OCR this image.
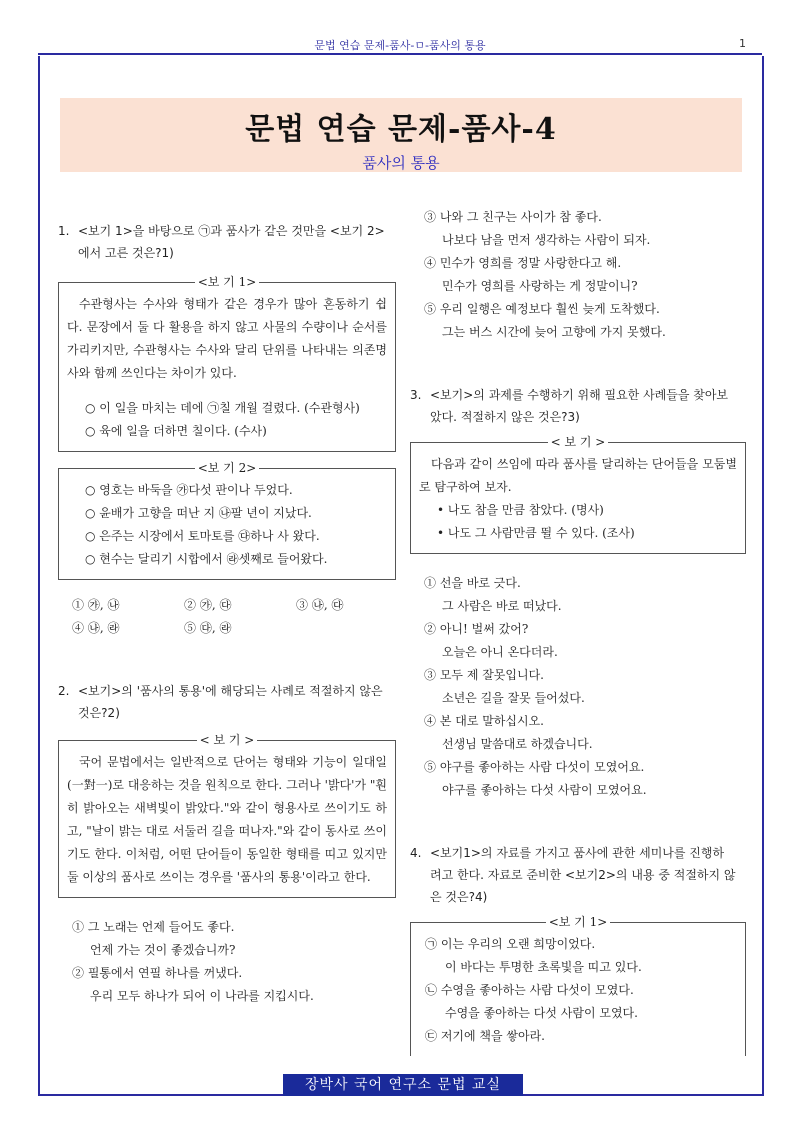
문법 연습 문제-품사-ㅁ-품사의 통용	1
문법 연습 문제-품사-4
품사의 통용
1. <보기 1>을 바탕으로 ㉠과 품사가 같은 것만을 <보기 2>
에서 고른 것은?1)
<보 기 1>

수관형사는 수사와 형태가 같은 경우가 많아 혼동하기 쉽다. 문장에서 둘 다 활용을 하지 않고 사물의 수량이나 순서를 가리키지만, 수관형사는 수사와 달리 단위를 나타내는 의존명사와 함께 쓰인다는 차이가 있다.

○ 이 일을 마치는 데에 ㉠칠 개월 걸렸다. (수관형사)
○ 육에 일을 더하면 칠이다. (수사)
<보 기 2>
○ 영호는 바둑을 ㉮다섯 판이나 두었다.
○ 윤배가 고향을 떠난 지 ㉯팔 년이 지났다.
○ 은주는 시장에서 토마토를 ㉰하나 사 왔다.
○ 현수는 달리기 시합에서 ㉱셋째로 들어왔다.
① ㉮, ㉯	② ㉮, ㉰	③ ㉯, ㉰
④ ㉯, ㉱	⑤ ㉰, ㉱
2. <보기>의 '품사의 통용'에 해당되는 사례로 적절하지 않은
것은?2)
< 보 기 >

국어 문법에서는 일반적으로 단어는 형태와 기능이 일대일(一對一)로 대응하는 것을 원칙으로 한다. 그러나 '밝다'가 "훤히 밝아오는 새벽빛이 밝았다."와 같이 형용사로 쓰이기도 하고, "날이 밝는 대로 서둘러 길을 떠나자."와 같이 동사로 쓰이기도 한다. 이처럼, 어떤 단어들이 동일한 형태를 띠고 있지만 둘 이상의 품사로 쓰이는 경우를 '품사의 통용'이라고 한다.

① 그 노래는 언제 들어도 좋다.
언제 가는 것이 좋겠습니까?
② 필통에서 연필 하나를 꺼냈다.
우리 모두 하나가 되어 이 나라를 지킵시다.
③ 나와 그 친구는 사이가 참 좋다.
나보다 남을 먼저 생각하는 사람이 되자.
④ 민수가 영희를 정말 사랑한다고 해.
민수가 영희를 사랑하는 게 정말이니?
⑤ 우리 일행은 예정보다 훨씬 늦게 도착했다.
그는 버스 시간에 늦어 고향에 가지 못했다.
3. <보기>의 과제를 수행하기 위해 필요한 사례들을 찾아보
았다. 적절하지 않은 것은?3)
< 보 기 >

다음과 같이 쓰임에 따라 품사를 달리하는 단어들을 모둠별로 탐구하여 보자.

• 나도 참을 만큼 참았다. (명사)
• 나도 그 사람만큼 뛸 수 있다. (조사)
① 선을 바로 긋다.
그 사람은 바로 떠났다.
② 아니! 벌써 갔어?
오늘은 아니 온다더라.
③ 모두 제 잘못입니다.
소년은 길을 잘못 들어섰다.
④ 본 대로 말하십시오.
선생님 말씀대로 하겠습니다.
⑤ 야구를 좋아하는 사람 다섯이 모였어요.
야구를 좋아하는 다섯 사람이 모였어요.
4. <보기1>의 자료를 가지고 품사에 관한 세미나를 진행하
려고 한다. 자료로 준비한 <보기2>의 내용 중 적절하지 않
은 것은?4)
<보 기 1>
㉠ 이는 우리의 오랜 희망이었다.
이 바다는 투명한 초록빛을 띠고 있다.
㉡ 수영을 좋아하는 사람 다섯이 모였다.
수영을 좋아하는 다섯 사람이 모였다.
㉢ 저기에 책을 쌓아라.
장박사 국어 연구소 문법 교실
